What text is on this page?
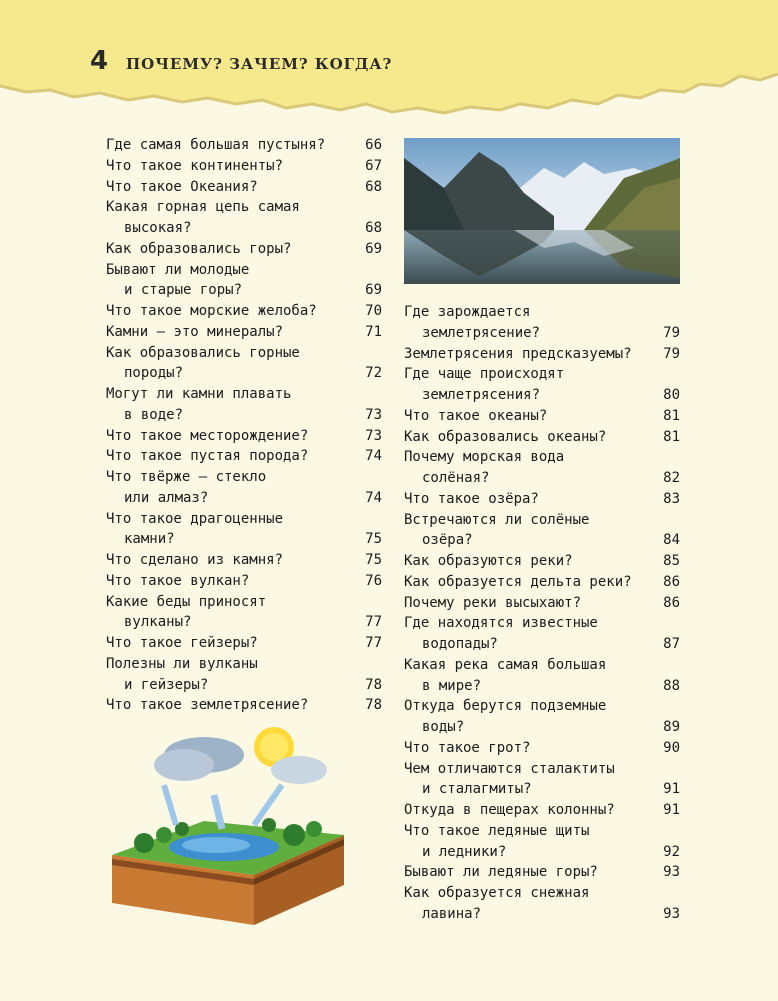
4 ПОЧЕМУ? ЗАЧЕМ? КОГДА?
Где самая большая пустыня?	66
Что такое континенты?	67
Что такое Океания?	68
Какая горная цепь самая
высокая?	68
Как образовались горы?	69
Бывают ли молодые
и старые горы?	69
Что такое морские желоба?	70
Камни — это минералы?	71
Как образовались горные
породы?	72
Могут ли камни плавать
в воде?	73
Что такое месторождение?	73
Что такое пустая порода?	74
Что твёрже — стекло
или алмаз?	74
Что такое драгоценные
камни?	75
Что сделано из камня?	75
Что такое вулкан?	76
Какие беды приносят
вулканы?	77
Что такое гейзеры?	77
Полезны ли вулканы
и гейзеры?	78
Что такое землетрясение?	78
Где зарождается
землетрясение?	79
Землетрясения предсказуемы? 79
Где чаще происходят
землетрясения?	80
Что такое океаны?	81
Как образовались океаны?	81
Почему морская вода
солёная?	82
Что такое озёра?	83
Встречаются ли солёные
озёра?	84
Как образуются реки?	85
Как образуется дельта реки? 86
Почему реки высыхают?	86
Где находятся известные
водопады?	87
Какая река самая большая
в мире?	88
Откуда берутся подземные
воды?	89
Что такое грот?	90
Чем отличаются сталактиты
и сталагмиты?	91
Откуда в пещерах колонны?	91
Что такое ледяные щиты
и ледники?	92
Бывают ли ледяные горы?	93
Как образуется снежная
лавина?	93
